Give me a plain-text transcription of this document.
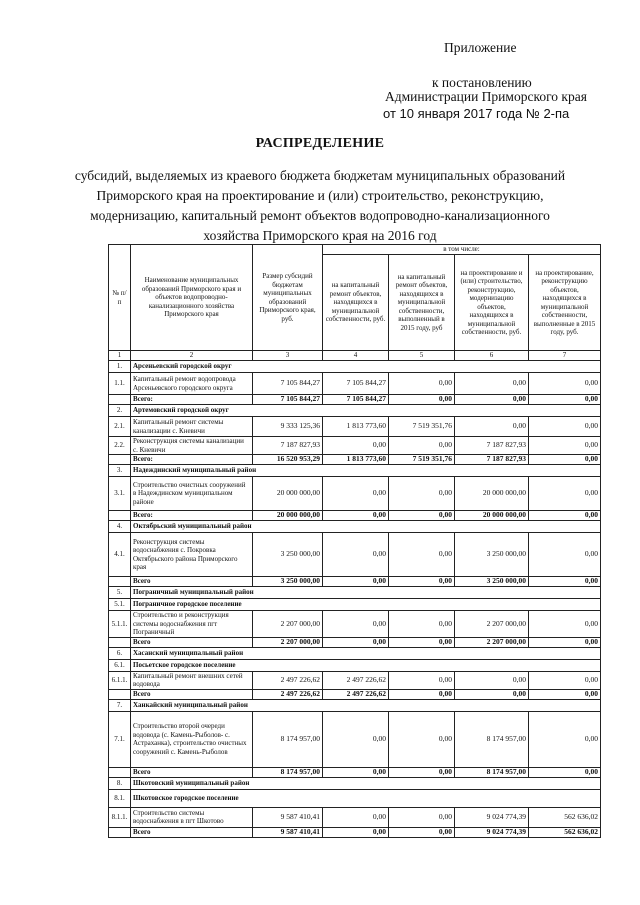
Приложение
к постановлению
Администрации Приморского края
от 10 января 2017 года № 2-па
РАСПРЕДЕЛЕНИЕ
субсидий, выделяемых из краевого бюджета бюджетам муниципальных образований
Приморского края на проектирование и (или) строительство, реконструкцию,
модернизацию, капитальный ремонт объектов водопроводно-канализационного
хозяйства Приморского края на 2016 год
№ п/п	Наименование муниципальных образований Приморского края и объектов водопроводно-канализационного хозяйства Приморского края	Размер субсидий бюджетам муниципальных образований Приморского края, руб.	в том числе:			
			на капитальный ремонт объектов, находящихся в муниципальной собственности, руб.	на капитальный ремонт объектов, находящихся в муниципальной собственности, выполненный в 2015 году, руб	на проектирование и (или) строительство, реконструкцию, модернизацию объектов, находящихся в муниципальной собственности, руб.	на проектирование, реконструкцию объектов, находящихся в муниципальной собственности, выполненные в 2015 году, руб.
1	2	3	4	5	6	7
1.	Арсеньевский городской округ					
1.1.	Капитальный ремонт водопровода Арсеньевского городского округа	7 105 844,27	7 105 844,27	0,00	0,00	0,00
	Всего:	7 105 844,27	7 105 844,27	0,00	0,00	0,00
2.	Артемовский городской округ					
2.1.	Капитальный ремонт системы канализации с. Кневичи	9 333 125,36	1 813 773,60	7 519 351,76	0,00	0,00
2.2.	Реконструкция системы канализации с. Кневичи	7 187 827,93	0,00	0,00	7 187 827,93	0,00
	Всего:	16 520 953,29	1 813 773,60	7 519 351,76	7 187 827,93	0,00
3.	Надеждинский муниципальный район					
3.1.	Строительство очистных сооружений в Надеждинском муниципальном районе	20 000 000,00	0,00	0,00	20 000 000,00	0,00
	Всего:	20 000 000,00	0,00	0,00	20 000 000,00	0,00
4.	Октябрьский муниципальный район					
4.1.	Реконструкция системы водоснабжения с. Покровка Октябрьского района Приморского края	3 250 000,00	0,00	0,00	3 250 000,00	0,00
	Всего	3 250 000,00	0,00	0,00	3 250 000,00	0,00
5.	Пограничный муниципальный район					
5.1.	Пограничное городское поселение					
5.1.1.	Строительство и реконструкция системы водоснабжения пгт Пограничный	2 207 000,00	0,00	0,00	2 207 000,00	0,00
	Всего	2 207 000,00	0,00	0,00	2 207 000,00	0,00
6.	Хасанский муниципальный район					
6.1.	Посьетское городское поселение					
6.1.1.	Капитальный ремонт внешних сетей водовода	2 497 226,62	2 497 226,62	0,00	0,00	0,00
	Всего	2 497 226,62	2 497 226,62	0,00	0,00	0,00
7.	Ханкайский муниципальный район					
7.1.	Строительство второй очереди водовода (с. Камень-Рыболов- с. Астраханка), строительство очистных сооружений с. Камень-Рыболов	8 174 957,00	0,00	0,00	8 174 957,00	0,00
	Всего	8 174 957,00	0,00	0,00	8 174 957,00	0,00
8.	Шкотовский муниципальный район					
8.1.	Шкотовское городское поселение					
8.1.1.	Строительство системы водоснабжения в пгт Шкотово	9 587 410,41	0,00	0,00	9 024 774,39	562 636,02
	Всего	9 587 410,41	0,00	0,00	9 024 774,39	562 636,02
